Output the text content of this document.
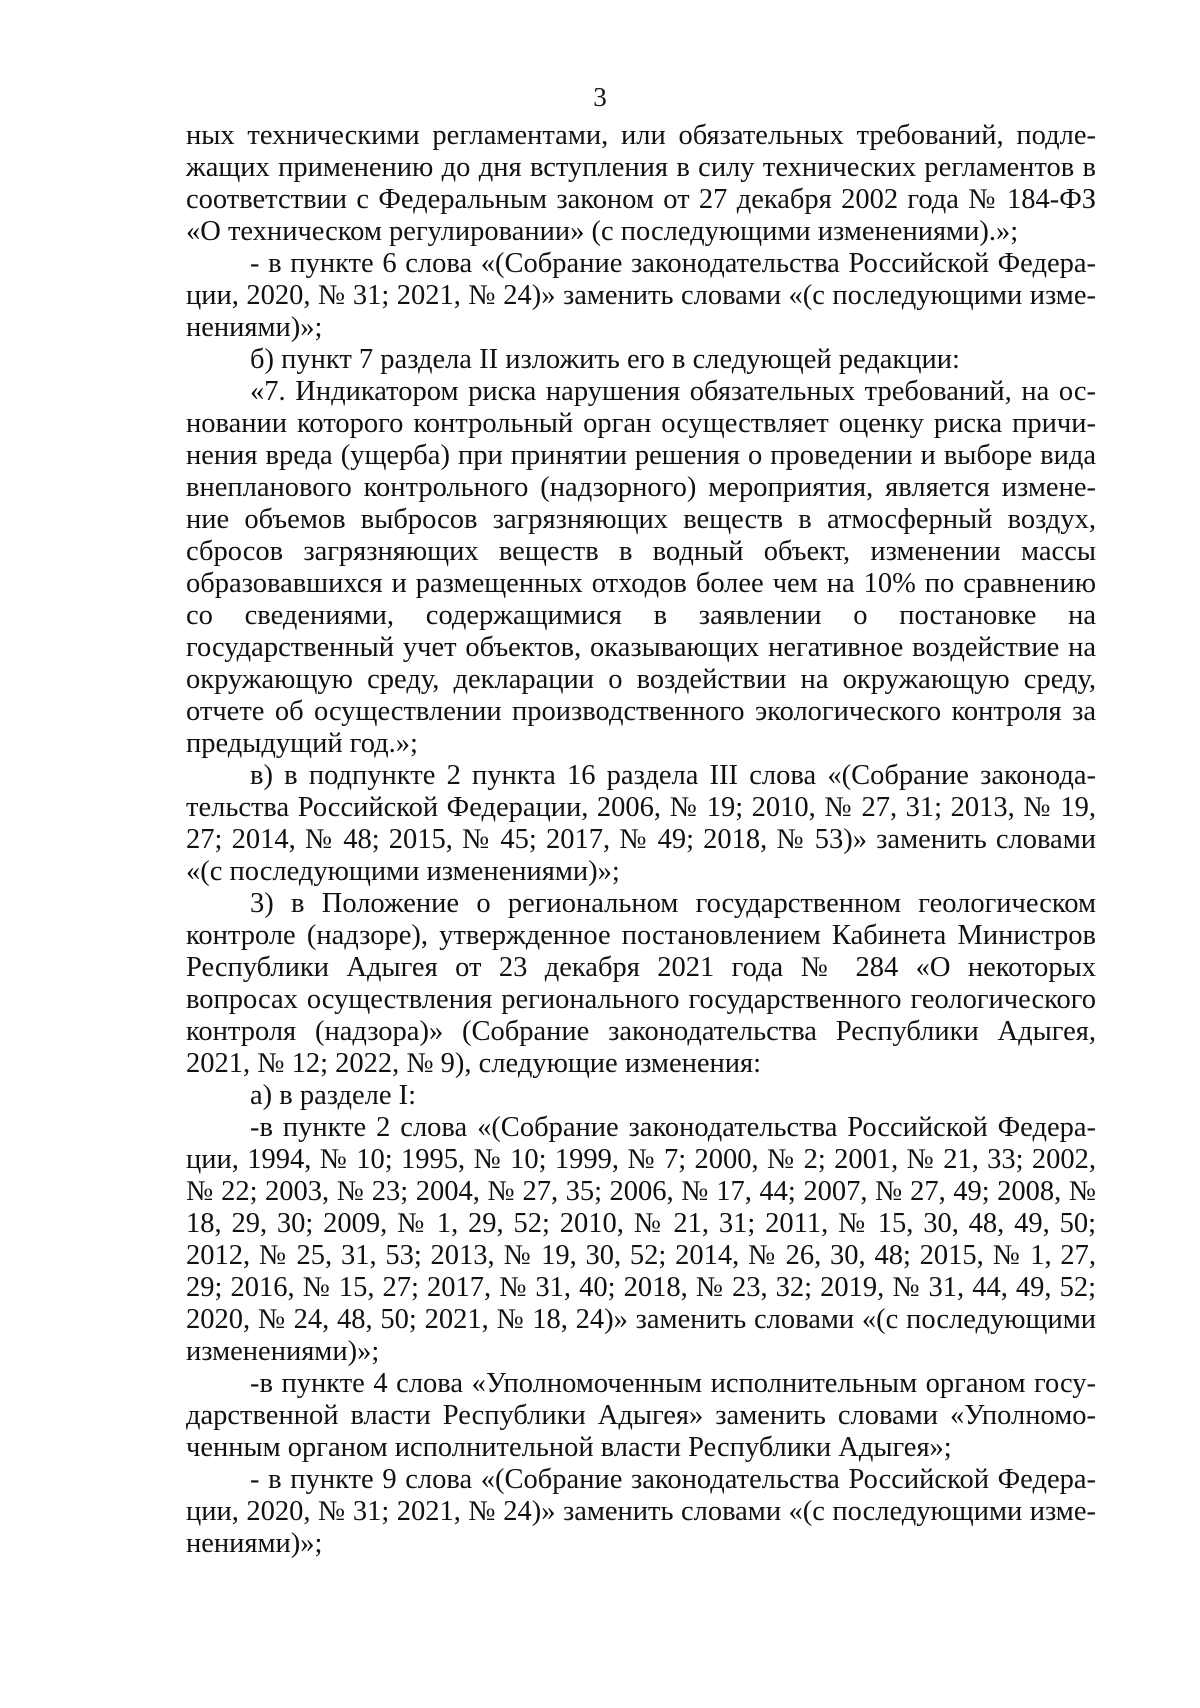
3

ных техническими регламентами, или обязательных требований, подлежащих применению до дня вступления в силу технических регламентов в соответствии с Федеральным законом от 27 декабря 2002 года № 184-ФЗ «О техническом регулировании» (с последующими изменениями).»;

- в пункте 6 слова «(Собрание законодательства Российской Федерации, 2020, № 31; 2021, № 24)» заменить словами «(с последующими изменениями)»;

б) пункт 7 раздела II изложить его в следующей редакции:

«7. Индикатором риска нарушения обязательных требований, на основании которого контрольный орган осуществляет оценку риска причинения вреда (ущерба) при принятии решения о проведении и выборе вида внепланового контрольного (надзорного) мероприятия, является изменение объемов выбросов загрязняющих веществ в атмосферный воздух, сбросов загрязняющих веществ в водный объект, изменении массы образовавшихся и размещенных отходов более чем на 10% по сравнению со сведениями, содержащимися в заявлении о постановке на государственный учет объектов, оказывающих негативное воздействие на окружающую среду, декларации о воздействии на окружающую среду, отчете об осуществлении производственного экологического контроля за предыдущий год.»;

в) в подпункте 2 пункта 16 раздела III слова «(Собрание законодательства Российской Федерации, 2006, № 19; 2010, № 27, 31; 2013, № 19, 27; 2014, № 48; 2015, № 45; 2017, № 49; 2018, № 53)» заменить словами «(с последующими изменениями)»;

3) в Положение о региональном государственном геологическом контроле (надзоре), утвержденное постановлением Кабинета Министров Республики Адыгея от 23 декабря 2021 года № 284 «О некоторых вопросах осуществления регионального государственного геологического контроля (надзора)» (Собрание законодательства Республики Адыгея, 2021, № 12; 2022, № 9), следующие изменения:

а) в разделе I:

-в пункте 2 слова «(Собрание законодательства Российской Федерации, 1994, № 10; 1995, № 10; 1999, № 7; 2000, № 2; 2001, № 21, 33; 2002, № 22; 2003, № 23; 2004, № 27, 35; 2006, № 17, 44; 2007, № 27, 49; 2008, № 18, 29, 30; 2009, № 1, 29, 52; 2010, № 21, 31; 2011, № 15, 30, 48, 49, 50; 2012, № 25, 31, 53; 2013, № 19, 30, 52; 2014, № 26, 30, 48; 2015, № 1, 27, 29; 2016, № 15, 27; 2017, № 31, 40; 2018, № 23, 32; 2019, № 31, 44, 49, 52; 2020, № 24, 48, 50; 2021, № 18, 24)» заменить словами «(с последующими изменениями)»;

-в пункте 4 слова «Уполномоченным исполнительным органом государственной власти Республики Адыгея» заменить словами «Уполномоченным органом исполнительной власти Республики Адыгея»;

- в пункте 9 слова «(Собрание законодательства Российской Федерации, 2020, № 31; 2021, № 24)» заменить словами «(с последующими изменениями)»;
